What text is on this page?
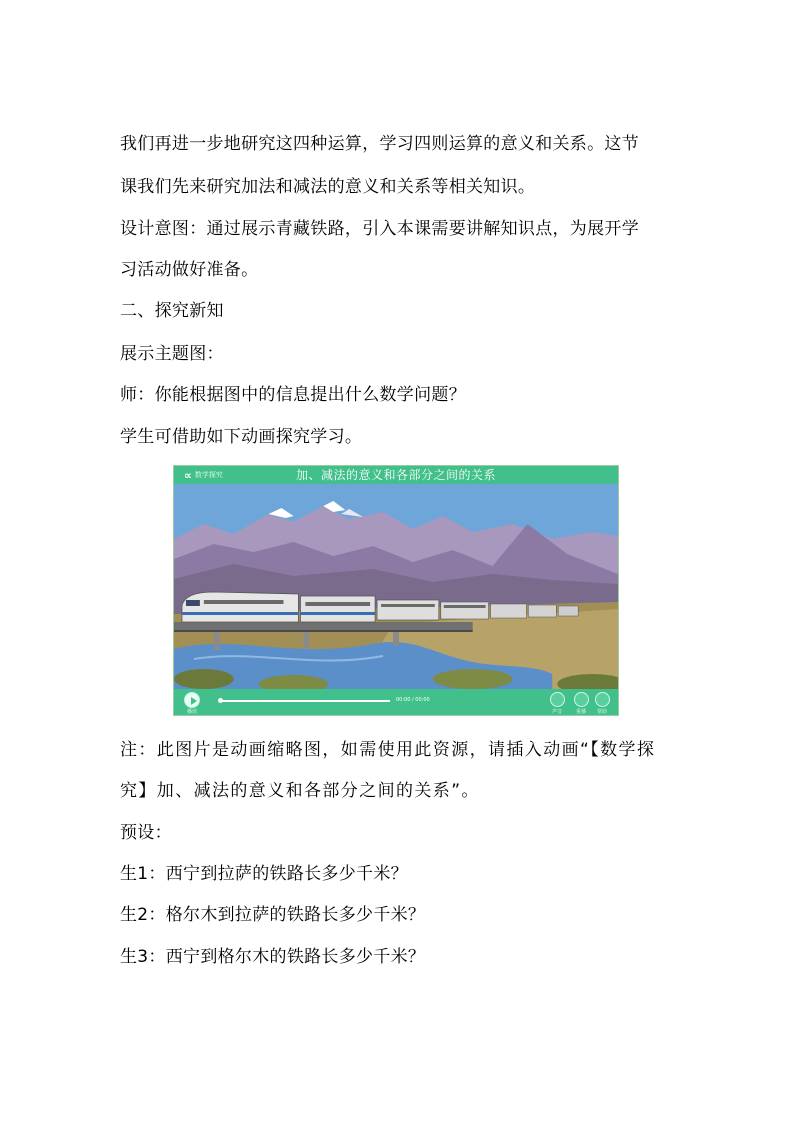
我们再进一步地研究这四种运算，学习四则运算的意义和关系。这节
课我们先来研究加法和减法的意义和关系等相关知识。
设计意图：通过展示青藏铁路，引入本课需要讲解知识点，为展开学
习活动做好准备。
二、探究新知
展示主题图：
师：你能根据图中的信息提出什么数学问题？
学生可借助如下动画探究学习。
∝ 数学探究	加、减法的意义和各部分之间的关系
播放
00:00 / 00:00
声音	重播	帮助
注：此图片是动画缩略图，如需使用此资源，请插入动画“【数学探
究】加、减法的意义和各部分之间的关系”。
预设：
生1：西宁到拉萨的铁路长多少千米？
生2：格尔木到拉萨的铁路长多少千米？
生3：西宁到格尔木的铁路长多少千米？
